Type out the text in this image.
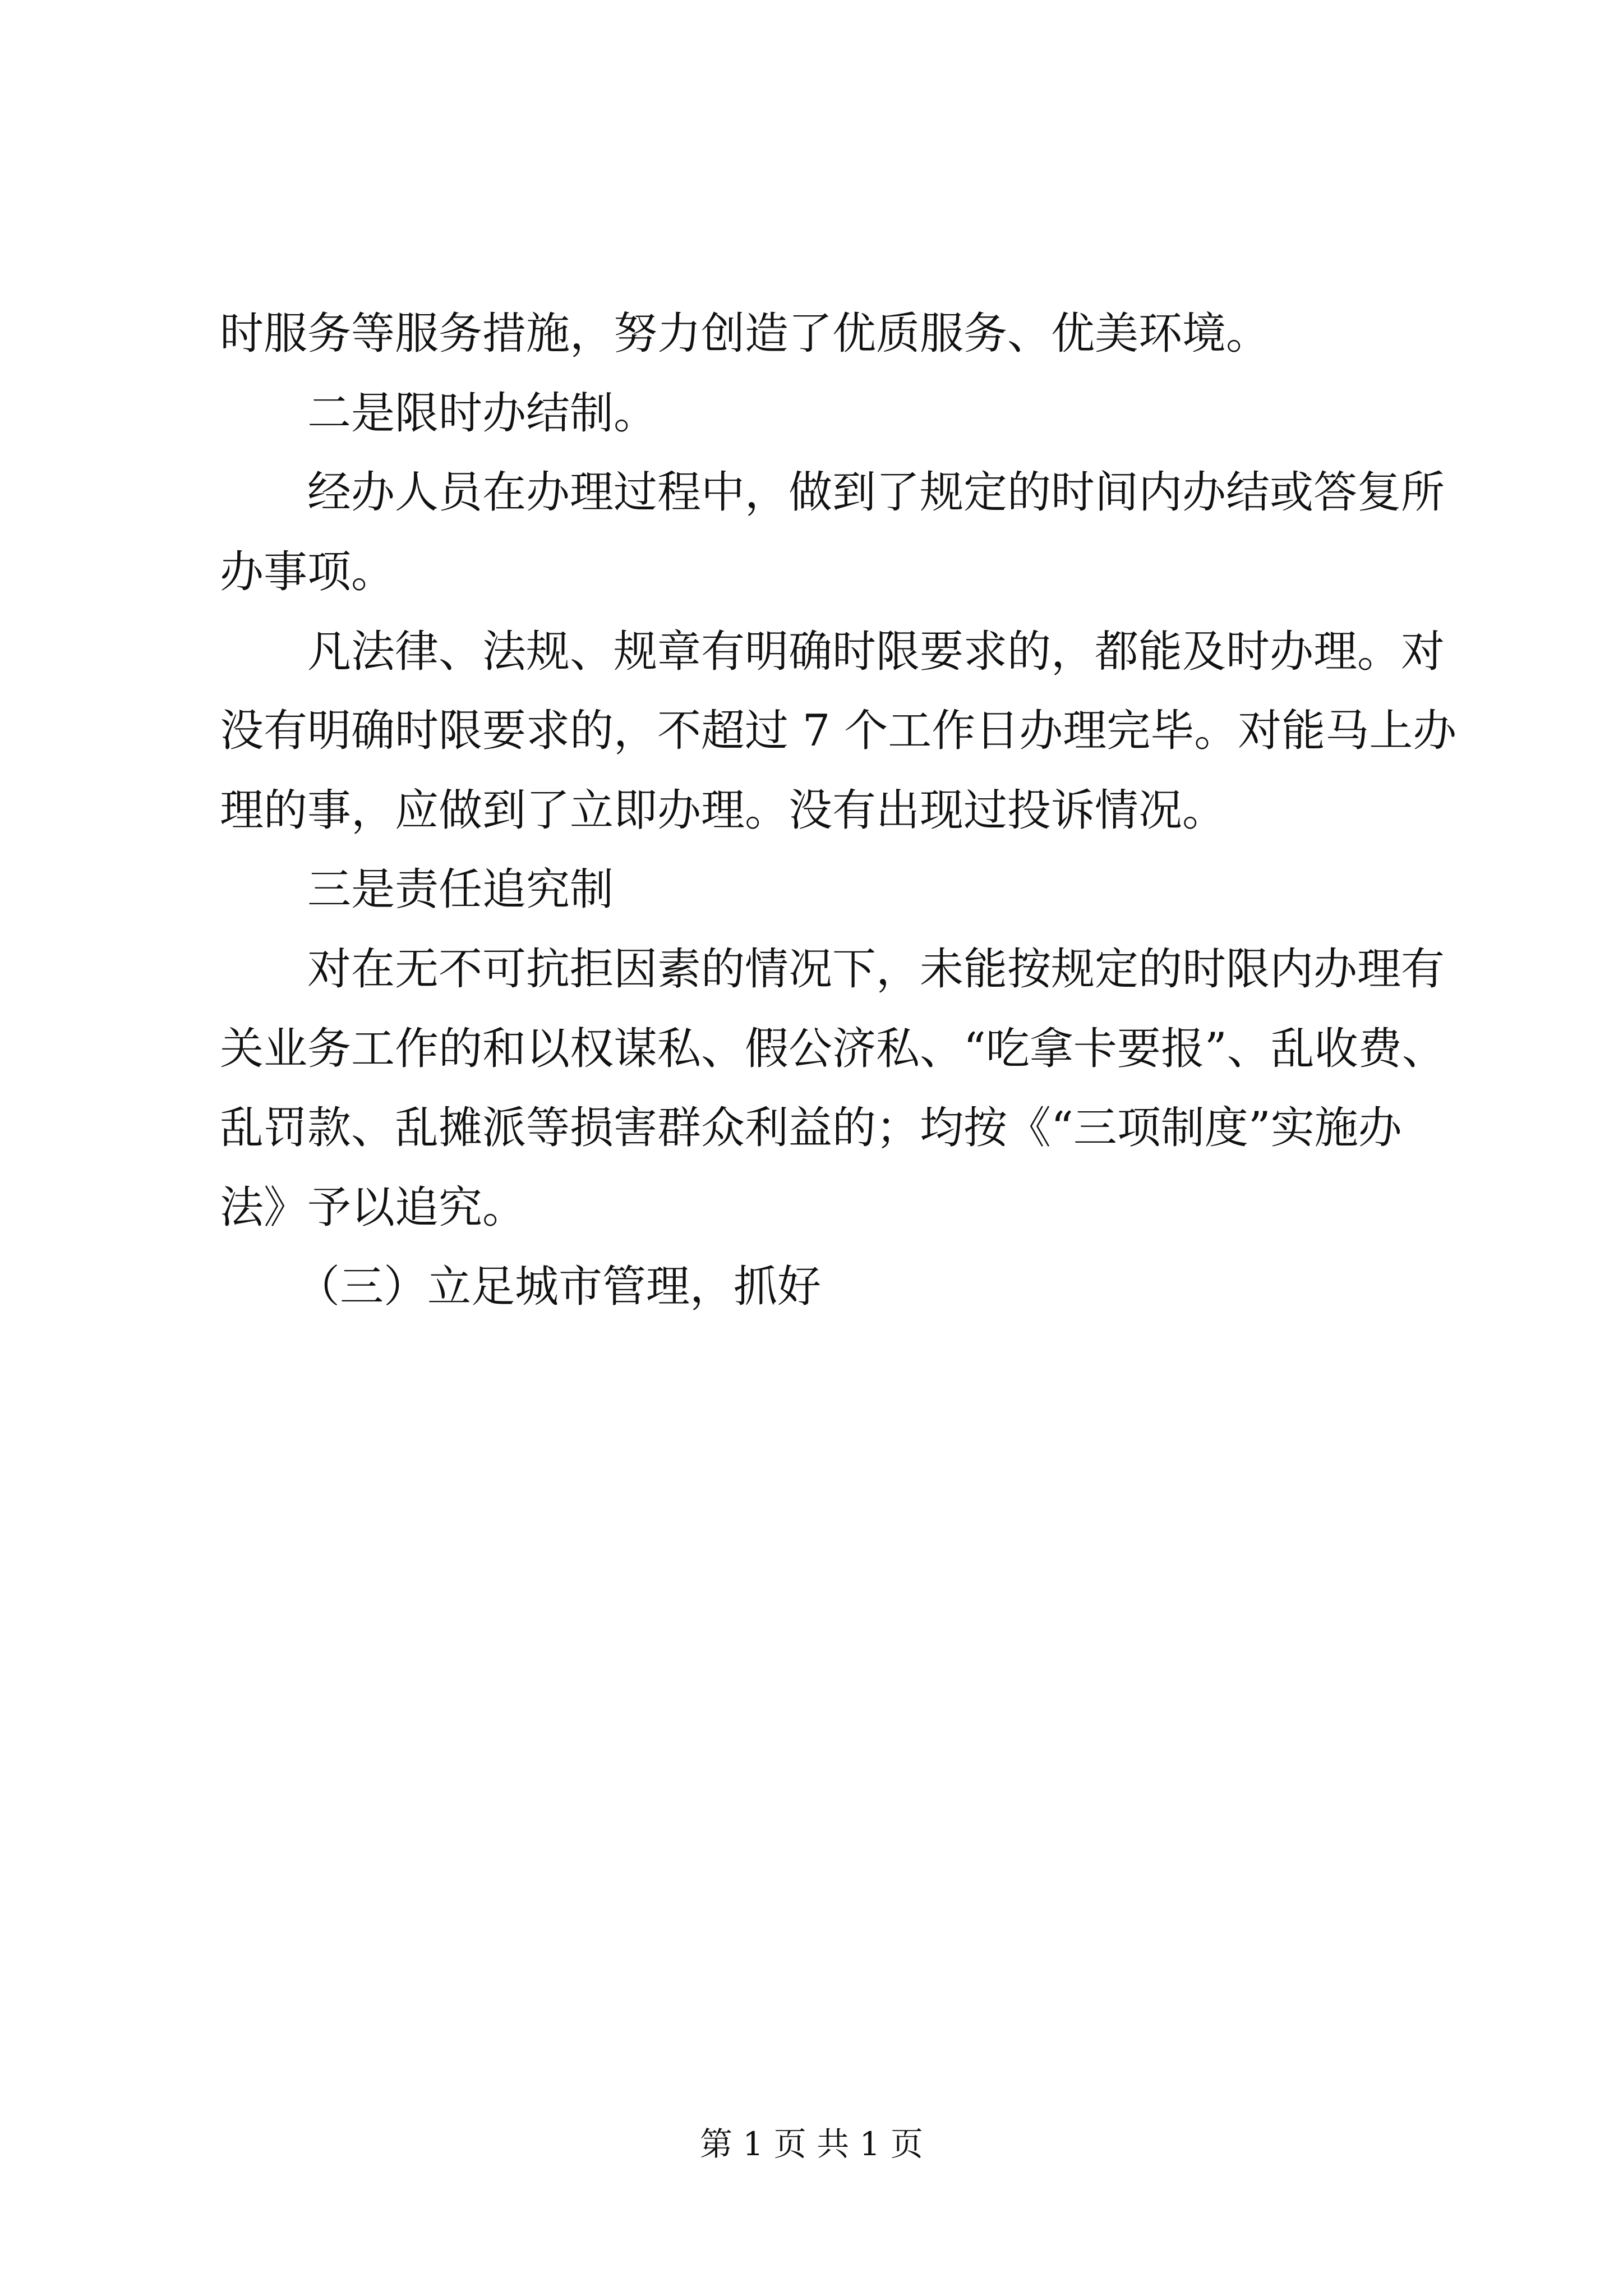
时服务等服务措施，努力创造了优质服务、优美环境。
二是限时办结制。
经办人员在办理过程中，做到了规定的时间内办结或答复所
办事项。
凡法律、法规、规章有明确时限要求的，都能及时办理。对
没有明确时限要求的，不超过 7 个工作日办理完毕。对能马上办
理的事，应做到了立即办理。没有出现过投诉情况。
三是责任追究制
对在无不可抗拒因素的情况下，未能按规定的时限内办理有
关业务工作的和以权谋私、假公济私、“吃拿卡要报”、乱收费、
乱罚款、乱摊派等损害群众利益的；均按《“三项制度”实施办
法》予以追究。
（三）立足城市管理，抓好
第 1 页 共 1 页
